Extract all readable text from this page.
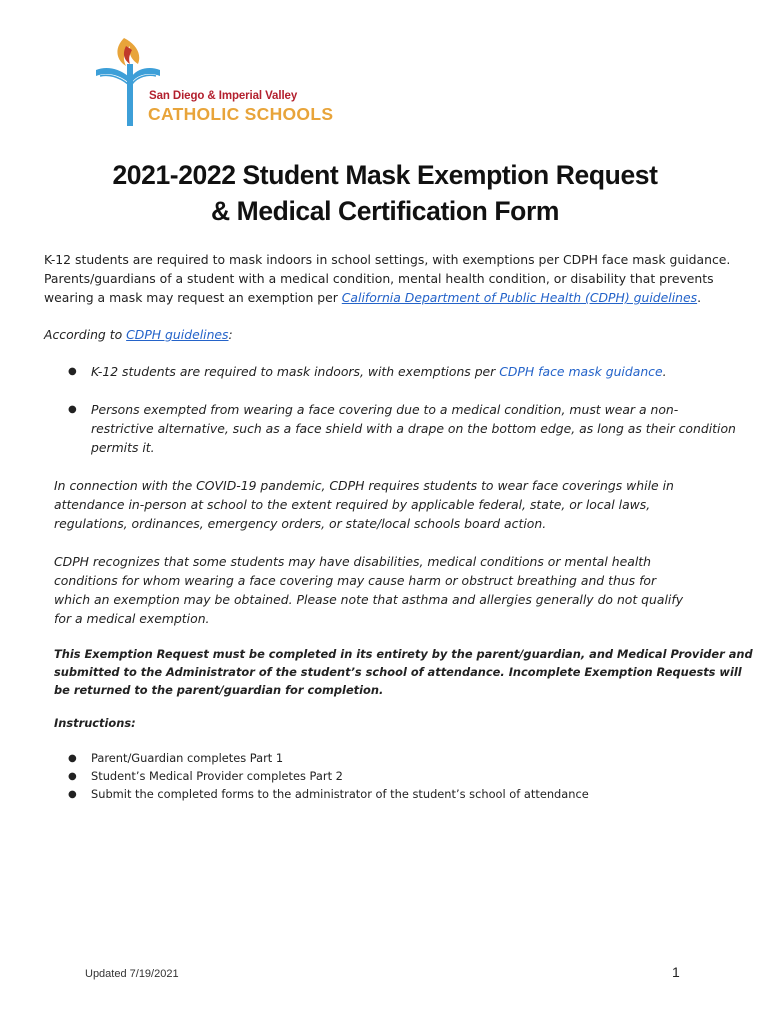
San Diego & Imperial Valley
CATHOLIC SCHOOLS
2021-2022 Student Mask Exemption Request
& Medical Certification Form
K-12 students are required to mask indoors in school settings, with exemptions per CDPH face mask guidance.
Parents/guardians of a student with a medical condition, mental health condition, or disability that prevents
wearing a mask may request an exemption per California Department of Public Health (CDPH) guidelines.
According to CDPH guidelines:
● K-12 students are required to mask indoors, with exemptions per CDPH face mask guidance.
● Persons exempted from wearing a face covering due to a medical condition, must wear a non-
restrictive alternative, such as a face shield with a drape on the bottom edge, as long as their condition
permits it.
In connection with the COVID-19 pandemic, CDPH requires students to wear face coverings while in
attendance in-person at school to the extent required by applicable federal, state, or local laws,
regulations, ordinances, emergency orders, or state/local schools board action.
CDPH recognizes that some students may have disabilities, medical conditions or mental health
conditions for whom wearing a face covering may cause harm or obstruct breathing and thus for
which an exemption may be obtained. Please note that asthma and allergies generally do not qualify
for a medical exemption.
This Exemption Request must be completed in its entirety by the parent/guardian, and Medical Provider and
submitted to the Administrator of the student’s school of attendance. Incomplete Exemption Requests will
be returned to the parent/guardian for completion.
Instructions:
● Parent/Guardian completes Part 1
● Student’s Medical Provider completes Part 2
● Submit the completed forms to the administrator of the student’s school of attendance
Updated 7/19/2021	1
